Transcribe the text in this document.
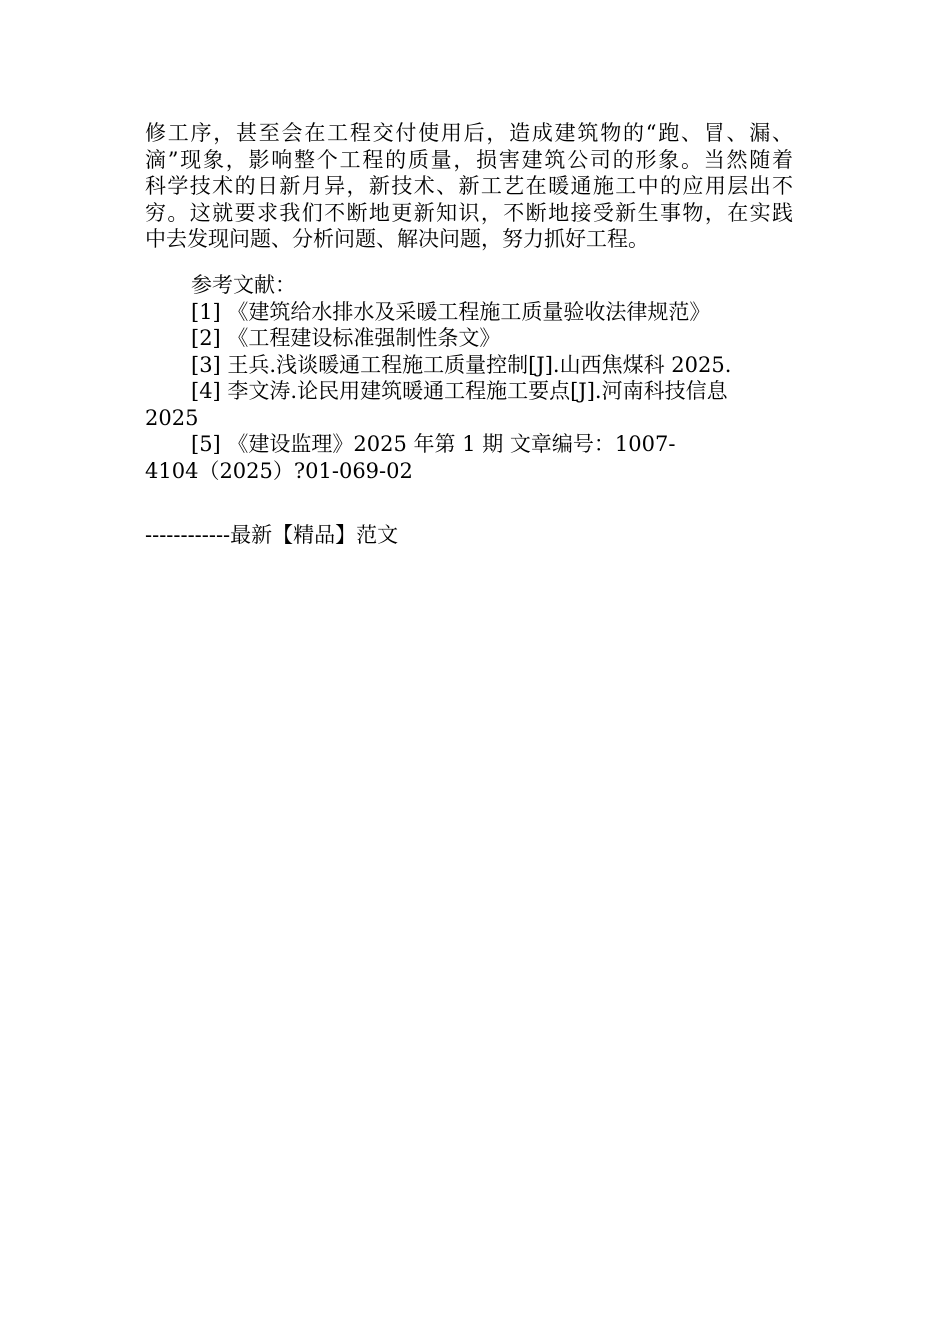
修工序，甚至会在工程交付使用后，造成建筑物的“跑、冒、漏、
滴”现象，影响整个工程的质量，损害建筑公司的形象。当然随着
科学技术的日新月异，新技术、新工艺在暖通施工中的应用层出不
穷。这就要求我们不断地更新知识，不断地接受新生事物，在实践
中去发现问题、分析问题、解决问题，努力抓好工程。
参考文献：
[1] 《建筑给水排水及采暖工程施工质量验收法律规范》
[2] 《工程建设标准强制性条文》
[3] 王兵.浅谈暖通工程施工质量控制[J].山西焦煤科 2025.
[4] 李文涛.论民用建筑暖通工程施工要点[J].河南科技信息
2025
[5] 《建设监理》2025 年第 1 期 文章编号：1007-
4104（2025）?01-069-02
------------最新【精品】范文
